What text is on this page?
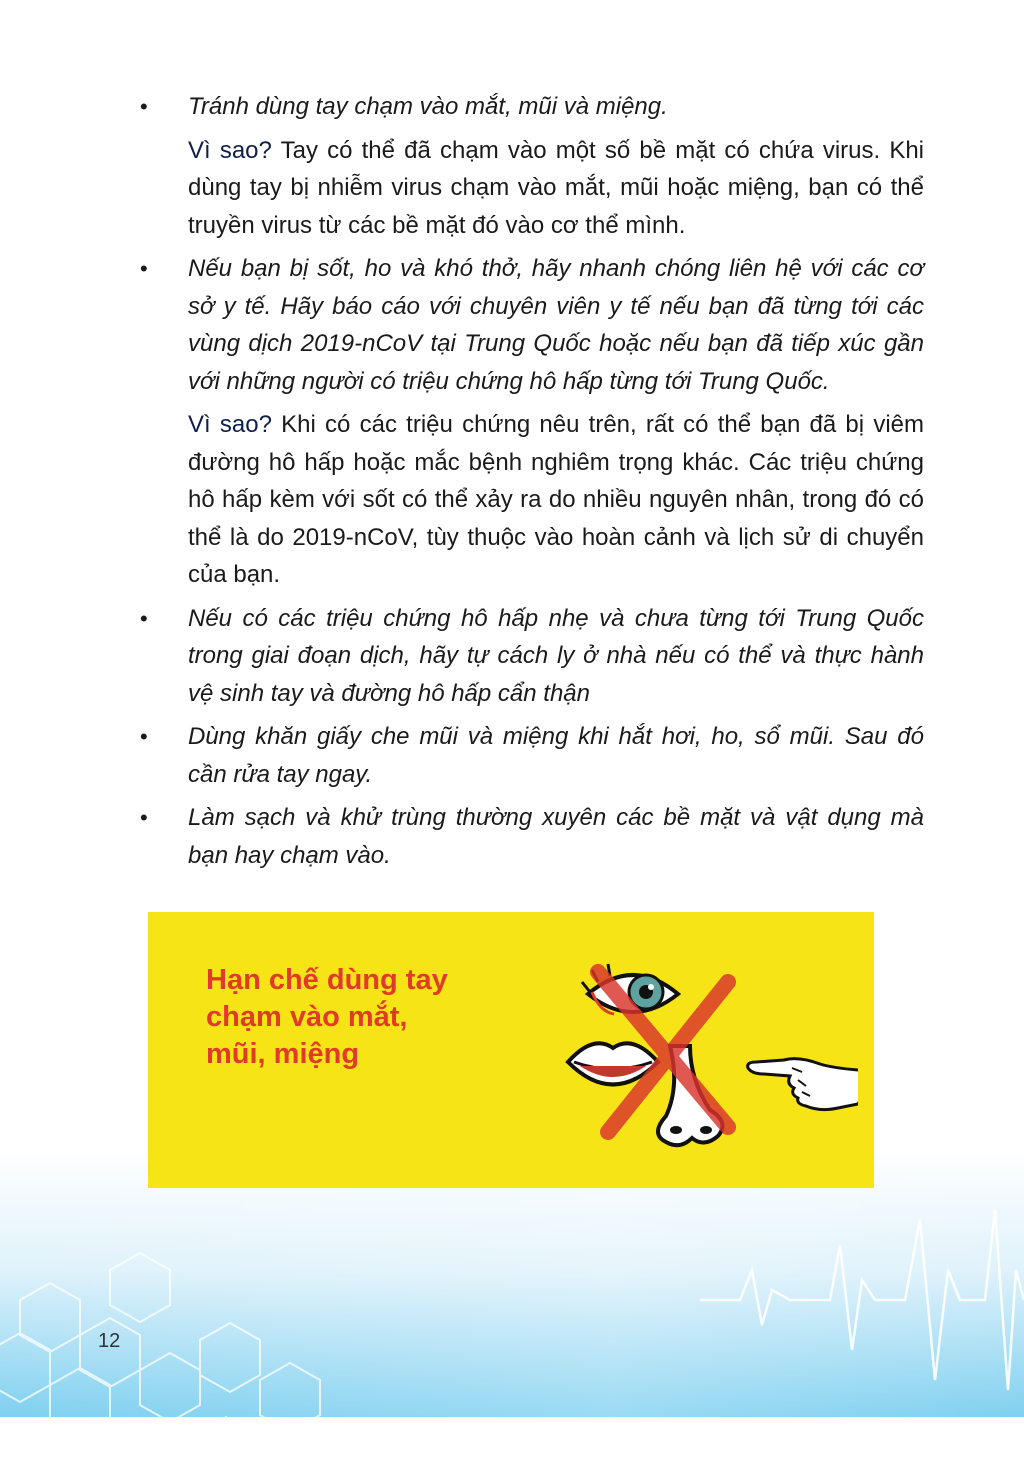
• Tránh dùng tay chạm vào mắt, mũi và miệng.

Vì sao? Tay có thể đã chạm vào một số bề mặt có chứa virus. Khi dùng tay bị nhiễm virus chạm vào mắt, mũi hoặc miệng, bạn có thể truyền virus từ các bề mặt đó vào cơ thể mình.

• Nếu bạn bị sốt, ho và khó thở, hãy nhanh chóng liên hệ với các cơ sở y tế. Hãy báo cáo với chuyên viên y tế nếu bạn đã từng tới các vùng dịch 2019-nCoV tại Trung Quốc hoặc nếu bạn đã tiếp xúc gần với những người có triệu chứng hô hấp từng tới Trung Quốc.

Vì sao? Khi có các triệu chứng nêu trên, rất có thể bạn đã bị viêm đường hô hấp hoặc mắc bệnh nghiêm trọng khác. Các triệu chứng hô hấp kèm với sốt có thể xảy ra do nhiều nguyên nhân, trong đó có thể là do 2019-nCoV, tùy thuộc vào hoàn cảnh và lịch sử di chuyển của bạn.

• Nếu có các triệu chứng hô hấp nhẹ và chưa từng tới Trung Quốc trong giai đoạn dịch, hãy tự cách ly ở nhà nếu có thể và thực hành vệ sinh tay và đường hô hấp cẩn thận

• Dùng khăn giấy che mũi và miệng khi hắt hơi, ho, sổ mũi. Sau đó cần rửa tay ngay.

• Làm sạch và khử trùng thường xuyên các bề mặt và vật dụng mà bạn hay chạm vào.

Hạn chế dùng tay
chạm vào mắt,
mũi, miệng

Tổ chức Y tế
Thế giới
12
